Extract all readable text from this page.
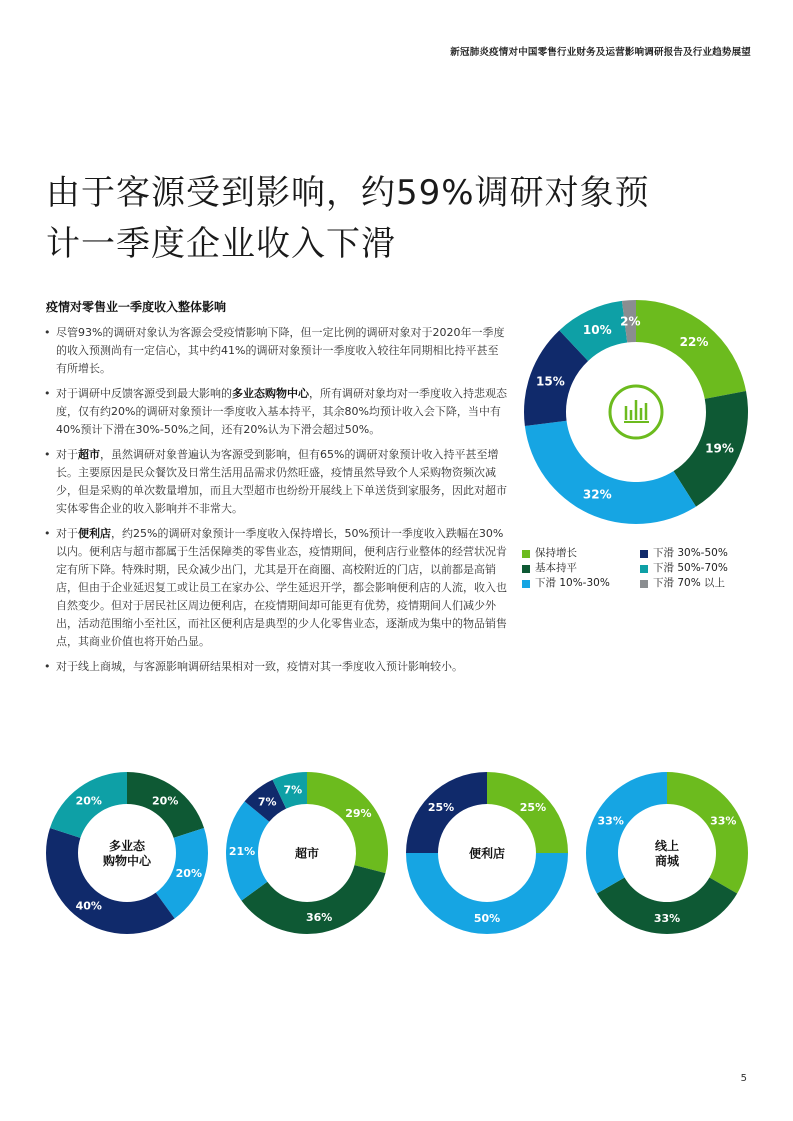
新冠肺炎疫情对中国零售行业财务及运营影响调研报告及行业趋势展望
由于客源受到影响，约59%调研对象预
计一季度企业收入下滑
疫情对零售业一季度收入整体影响
• 尽管93%的调研对象认为客源会受疫情影响下降，但一定比例的调研对象对于2020年一季度的收入预测尚有一定信心，其中约41%的调研对象预计一季度收入较往年同期相比持平甚至有所增长。
• 对于调研中反馈客源受到最大影响的多业态购物中心，所有调研对象均对一季度收入持悲观态度，仅有约20%的调研对象预计一季度收入基本持平，其余80%均预计收入会下降，当中有40%预计下滑在30%-50%之间，还有20%认为下滑会超过50%。
• 对于超市，虽然调研对象普遍认为客源受到影响，但有65%的调研对象预计收入持平甚至增长。主要原因是民众餐饮及日常生活用品需求仍然旺盛，疫情虽然导致个人采购物资频次减少，但是采购的单次数量增加，而且大型超市也纷纷开展线上下单送货到家服务，因此对超市实体零售企业的收入影响并不非常大。
• 对于便利店，约25%的调研对象预计一季度收入保持增长，50%预计一季度收入跌幅在30%以内。便利店与超市都属于生活保障类的零售业态，疫情期间，便利店行业整体的经营状况肯定有所下降。特殊时期，民众减少出门，尤其是开在商圈、高校附近的门店，以前都是高销店，但由于企业延迟复工或让员工在家办公、学生延迟开学，都会影响便利店的人流，收入也自然变少。但对于居民社区周边便利店，在疫情期间却可能更有优势，疫情期间人们减少外出，活动范围缩小至社区，而社区便利店是典型的少人化零售业态，逐渐成为集中的物品销售点，其商业价值也将开始凸显。
• 对于线上商城，与客源影响调研结果相对一致，疫情对其一季度收入预计影响较小。
22%
19%
32%
15%
10%
2%
保持增长	下滑 30%-50%
基本持平	下滑 50%-70%
下滑 10%-30%	下滑 70% 以上
20%
20%
40%
20%
多业态
购物中心
29%
36%
21%
7%
7%
超市
25%
50%
25%
便利店
33%
33%
33%
线上
商城
5
